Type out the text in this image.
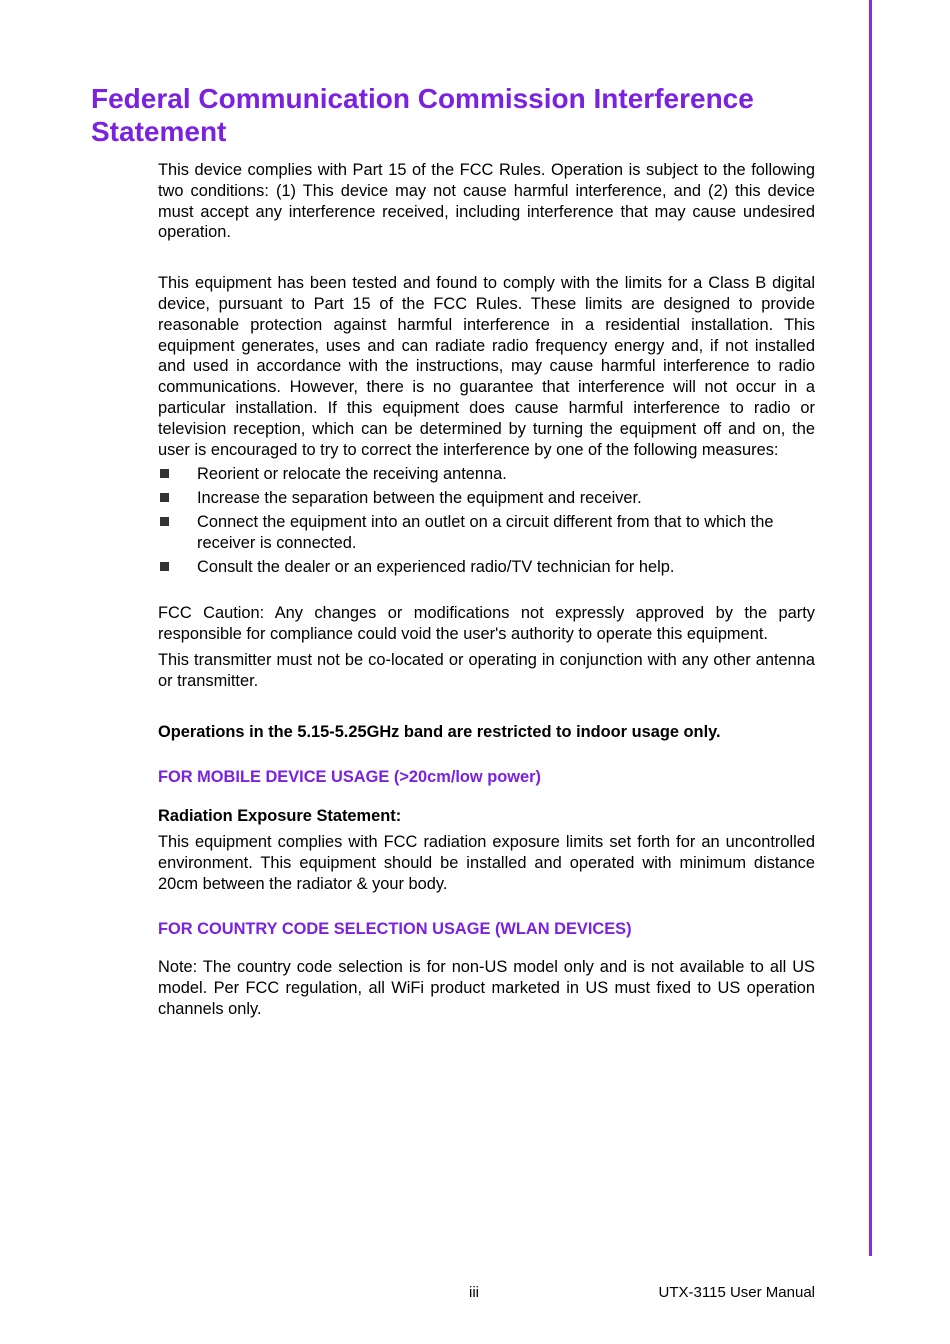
Federal Communication Commission Interference Statement

This device complies with Part 15 of the FCC Rules. Operation is subject to the following two conditions: (1) This device may not cause harmful interference, and (2) this device must accept any interference received, including interference that may cause undesired operation.

This equipment has been tested and found to comply with the limits for a Class B digital device, pursuant to Part 15 of the FCC Rules. These limits are designed to provide reasonable protection against harmful interference in a residential installation. This equipment generates, uses and can radiate radio frequency energy and, if not installed and used in accordance with the instructions, may cause harmful interference to radio communications. However, there is no guarantee that interference will not occur in a particular installation. If this equipment does cause harmful interference to radio or television reception, which can be determined by turning the equipment off and on, the user is encouraged to try to correct the interference by one of the following measures:

Reorient or relocate the receiving antenna.
Increase the separation between the equipment and receiver.
Connect the equipment into an outlet on a circuit different from that to which the receiver is connected.
Consult the dealer or an experienced radio/TV technician for help.

FCC Caution: Any changes or modifications not expressly approved by the party responsible for compliance could void the user's authority to operate this equipment.

This transmitter must not be co-located or operating in conjunction with any other antenna or transmitter.

Operations in the 5.15-5.25GHz band are restricted to indoor usage only.

FOR MOBILE DEVICE USAGE (>20cm/low power)

Radiation Exposure Statement:

This equipment complies with FCC radiation exposure limits set forth for an uncontrolled environment. This equipment should be installed and operated with minimum distance 20cm between the radiator & your body.

FOR COUNTRY CODE SELECTION USAGE (WLAN DEVICES)

Note: The country code selection is for non-US model only and is not available to all US model. Per FCC regulation, all WiFi product marketed in US must fixed to US operation channels only.

iii	UTX-3115 User Manual
